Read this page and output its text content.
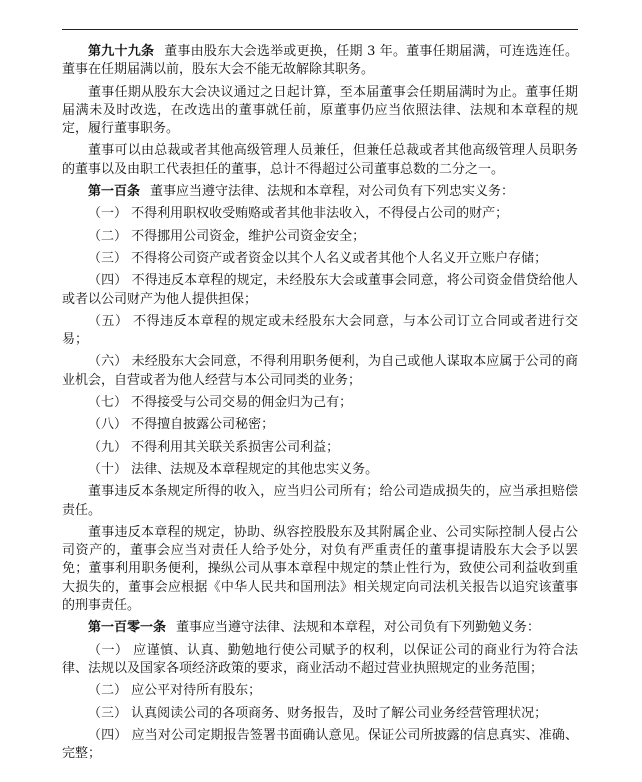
第九十九条 董事由股东大会选举或更换，任期 3 年。董事任期届满，可连选连任。董事在任期届满以前，股东大会不能无故解除其职务。

董事任期从股东大会决议通过之日起计算，至本届董事会任期届满时为止。董事任期届满未及时改选，在改选出的董事就任前，原董事仍应当依照法律、法规和本章程的规定，履行董事职务。

董事可以由总裁或者其他高级管理人员兼任，但兼任总裁或者其他高级管理人员职务的董事以及由职工代表担任的董事，总计不得超过公司董事总数的二分之一。

第一百条 董事应当遵守法律、法规和本章程，对公司负有下列忠实义务：

（一） 不得利用职权收受贿赂或者其他非法收入，不得侵占公司的财产；

（二） 不得挪用公司资金，维护公司资金安全；

（三） 不得将公司资产或者资金以其个人名义或者其他个人名义开立账户存储；

（四） 不得违反本章程的规定，未经股东大会或董事会同意，将公司资金借贷给他人或者以公司财产为他人提供担保；

（五） 不得违反本章程的规定或未经股东大会同意，与本公司订立合同或者进行交易；

（六） 未经股东大会同意，不得利用职务便利，为自己或他人谋取本应属于公司的商业机会，自营或者为他人经营与本公司同类的业务；

（七） 不得接受与公司交易的佣金归为己有；

（八） 不得擅自披露公司秘密；

（九） 不得利用其关联关系损害公司利益；

（十） 法律、法规及本章程规定的其他忠实义务。

董事违反本条规定所得的收入，应当归公司所有；给公司造成损失的，应当承担赔偿责任。

董事违反本章程的规定，协助、纵容控股股东及其附属企业、公司实际控制人侵占公司资产的，董事会应当对责任人给予处分，对负有严重责任的董事提请股东大会予以罢免；董事利用职务便利，操纵公司从事本章程中规定的禁止性行为，致使公司利益收到重大损失的，董事会应根据《中华人民共和国刑法》相关规定向司法机关报告以追究该董事的刑事责任。

第一百零一条 董事应当遵守法律、法规和本章程，对公司负有下列勤勉义务：

（一） 应谨慎、认真、勤勉地行使公司赋予的权利，以保证公司的商业行为符合法律、法规以及国家各项经济政策的要求，商业活动不超过营业执照规定的业务范围；

（二） 应公平对待所有股东；

（三） 认真阅读公司的各项商务、财务报告，及时了解公司业务经营管理状况；

（四） 应当对公司定期报告签署书面确认意见。保证公司所披露的信息真实、准确、完整；
